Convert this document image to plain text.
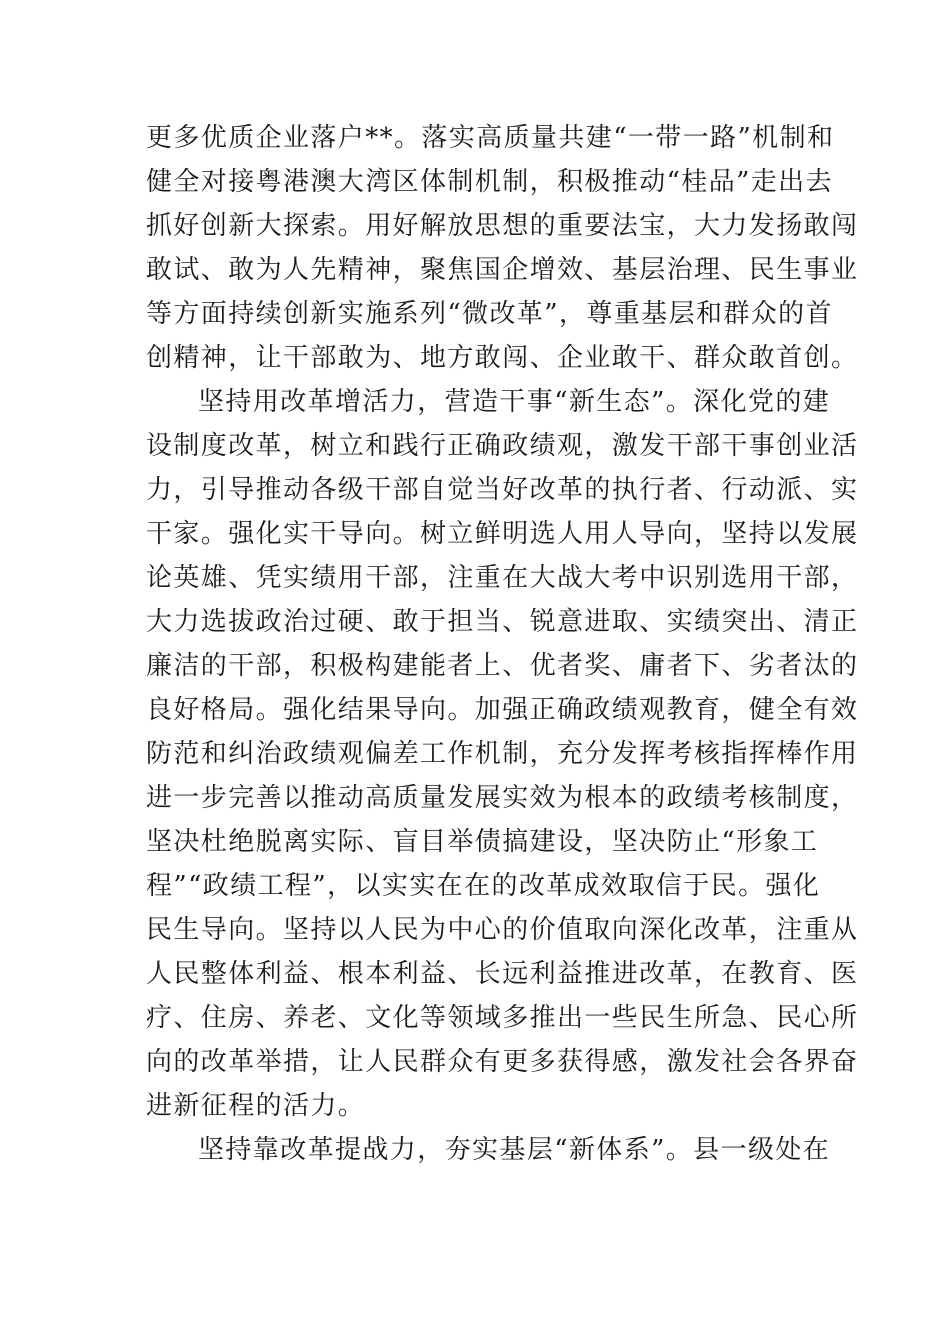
更多优质企业落户**。落实高质量共建“一带一路”机制和
健全对接粤港澳大湾区体制机制，积极推动“桂品”走出去
抓好创新大探索。用好解放思想的重要法宝，大力发扬敢闯
敢试、敢为人先精神，聚焦国企增效、基层治理、民生事业
等方面持续创新实施系列“微改革”，尊重基层和群众的首
创精神，让干部敢为、地方敢闯、企业敢干、群众敢首创。
坚持用改革增活力，营造干事“新生态”。深化党的建
设制度改革，树立和践行正确政绩观，激发干部干事创业活
力，引导推动各级干部自觉当好改革的执行者、行动派、实
干家。强化实干导向。树立鲜明选人用人导向，坚持以发展
论英雄、凭实绩用干部，注重在大战大考中识别选用干部，
大力选拔政治过硬、敢于担当、锐意进取、实绩突出、清正
廉洁的干部，积极构建能者上、优者奖、庸者下、劣者汰的
良好格局。强化结果导向。加强正确政绩观教育，健全有效
防范和纠治政绩观偏差工作机制，充分发挥考核指挥棒作用
进一步完善以推动高质量发展实效为根本的政绩考核制度，
坚决杜绝脱离实际、盲目举债搞建设，坚决防止“形象工
程”“政绩工程”，以实实在在的改革成效取信于民。强化
民生导向。坚持以人民为中心的价值取向深化改革，注重从
人民整体利益、根本利益、长远利益推进改革，在教育、医
疗、住房、养老、文化等领域多推出一些民生所急、民心所
向的改革举措，让人民群众有更多获得感，激发社会各界奋
进新征程的活力。
坚持靠改革提战力，夯实基层“新体系”。县一级处在
